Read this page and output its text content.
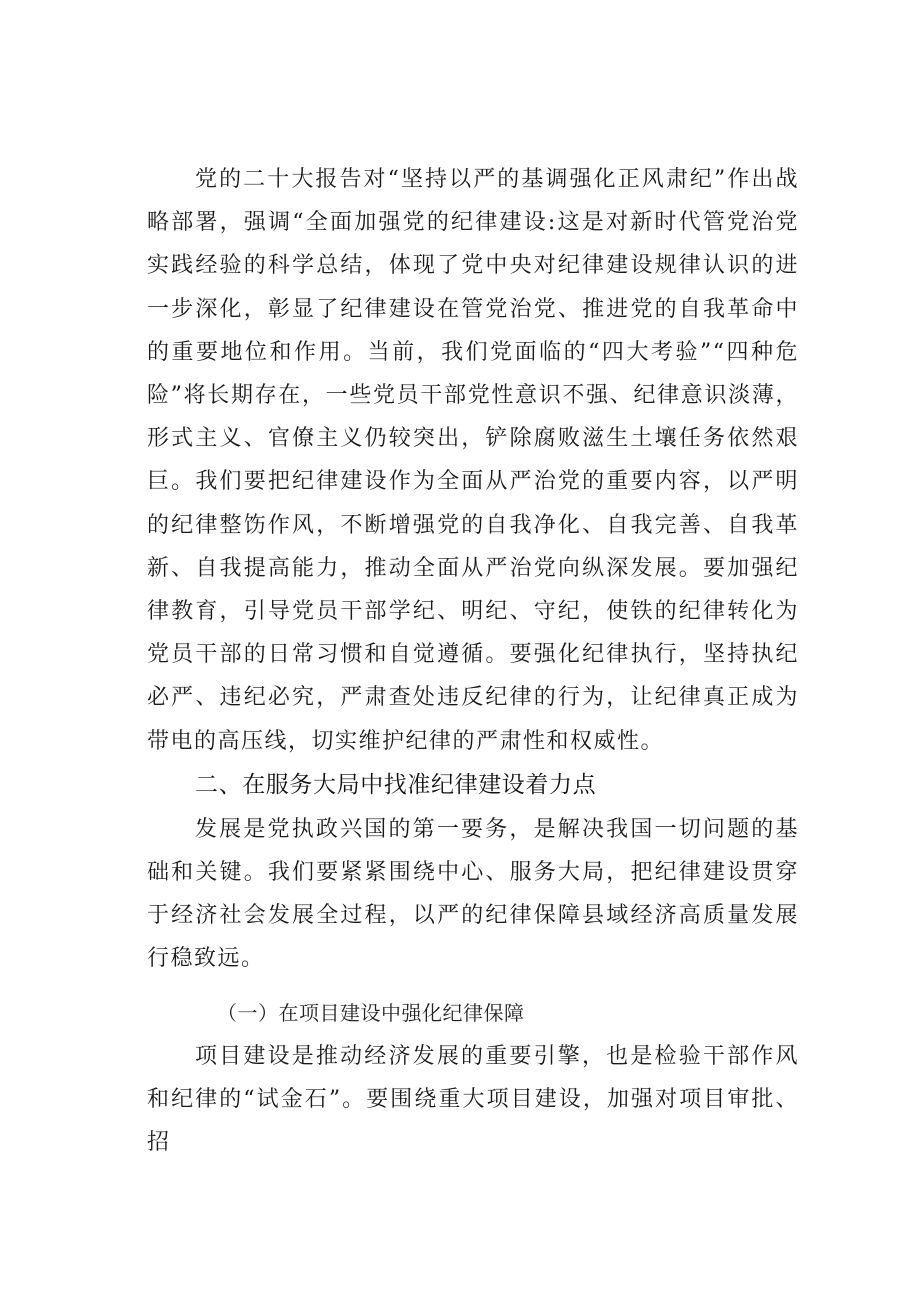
党的二十大报告对“坚持以严的基调强化正风肃纪”作出战略部署，强调“全面加强党的纪律建设:这是对新时代管党治党实践经验的科学总结，体现了党中央对纪律建设规律认识的进一步深化，彰显了纪律建设在管党治党、推进党的自我革命中的重要地位和作用。当前，我们党面临的“四大考验”“四种危险”将长期存在，一些党员干部党性意识不强、纪律意识淡薄，形式主义、官僚主义仍较突出，铲除腐败滋生土壤任务依然艰巨。我们要把纪律建设作为全面从严治党的重要内容，以严明的纪律整饬作风，不断增强党的自我净化、自我完善、自我革新、自我提高能力，推动全面从严治党向纵深发展。要加强纪律教育，引导党员干部学纪、明纪、守纪，使铁的纪律转化为党员干部的日常习惯和自觉遵循。要强化纪律执行，坚持执纪必严、违纪必究，严肃查处违反纪律的行为，让纪律真正成为带电的高压线，切实维护纪律的严肃性和权威性。

二、在服务大局中找准纪律建设着力点

发展是党执政兴国的第一要务，是解决我国一切问题的基础和关键。我们要紧紧围绕中心、服务大局，把纪律建设贯穿于经济社会发展全过程，以严的纪律保障县域经济高质量发展行稳致远。

（一）在项目建设中强化纪律保障

项目建设是推动经济发展的重要引擎，也是检验干部作风和纪律的“试金石”。要围绕重大项目建设，加强对项目审批、招
